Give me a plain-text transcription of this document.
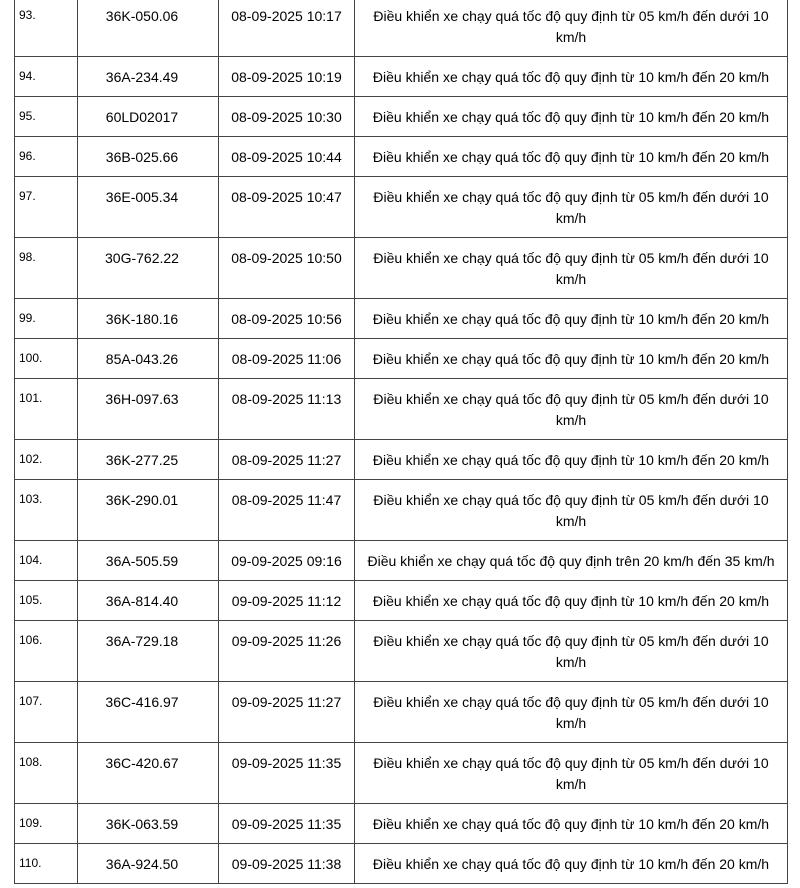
93.	36K-050.06	08-09-2025 10:17	Điều khiển xe chạy quá tốc độ quy định từ 05 km/h đến dưới 10 km/h
94.	36A-234.49	08-09-2025 10:19	Điều khiển xe chạy quá tốc độ quy định từ 10 km/h đến 20 km/h
95.	60LD02017	08-09-2025 10:30	Điều khiển xe chạy quá tốc độ quy định từ 10 km/h đến 20 km/h
96.	36B-025.66	08-09-2025 10:44	Điều khiển xe chạy quá tốc độ quy định từ 10 km/h đến 20 km/h
97.	36E-005.34	08-09-2025 10:47	Điều khiển xe chạy quá tốc độ quy định từ 05 km/h đến dưới 10 km/h
98.	30G-762.22	08-09-2025 10:50	Điều khiển xe chạy quá tốc độ quy định từ 05 km/h đến dưới 10 km/h
99.	36K-180.16	08-09-2025 10:56	Điều khiển xe chạy quá tốc độ quy định từ 10 km/h đến 20 km/h
100.	85A-043.26	08-09-2025 11:06	Điều khiển xe chạy quá tốc độ quy định từ 10 km/h đến 20 km/h
101.	36H-097.63	08-09-2025 11:13	Điều khiển xe chạy quá tốc độ quy định từ 05 km/h đến dưới 10 km/h
102.	36K-277.25	08-09-2025 11:27	Điều khiển xe chạy quá tốc độ quy định từ 10 km/h đến 20 km/h
103.	36K-290.01	08-09-2025 11:47	Điều khiển xe chạy quá tốc độ quy định từ 05 km/h đến dưới 10 km/h
104.	36A-505.59	09-09-2025 09:16	Điều khiển xe chạy quá tốc độ quy định trên 20 km/h đến 35 km/h
105.	36A-814.40	09-09-2025 11:12	Điều khiển xe chạy quá tốc độ quy định từ 10 km/h đến 20 km/h
106.	36A-729.18	09-09-2025 11:26	Điều khiển xe chạy quá tốc độ quy định từ 05 km/h đến dưới 10 km/h
107.	36C-416.97	09-09-2025 11:27	Điều khiển xe chạy quá tốc độ quy định từ 05 km/h đến dưới 10 km/h
108.	36C-420.67	09-09-2025 11:35	Điều khiển xe chạy quá tốc độ quy định từ 05 km/h đến dưới 10 km/h
109.	36K-063.59	09-09-2025 11:35	Điều khiển xe chạy quá tốc độ quy định từ 10 km/h đến 20 km/h
110.	36A-924.50	09-09-2025 11:38	Điều khiển xe chạy quá tốc độ quy định từ 10 km/h đến 20 km/h
